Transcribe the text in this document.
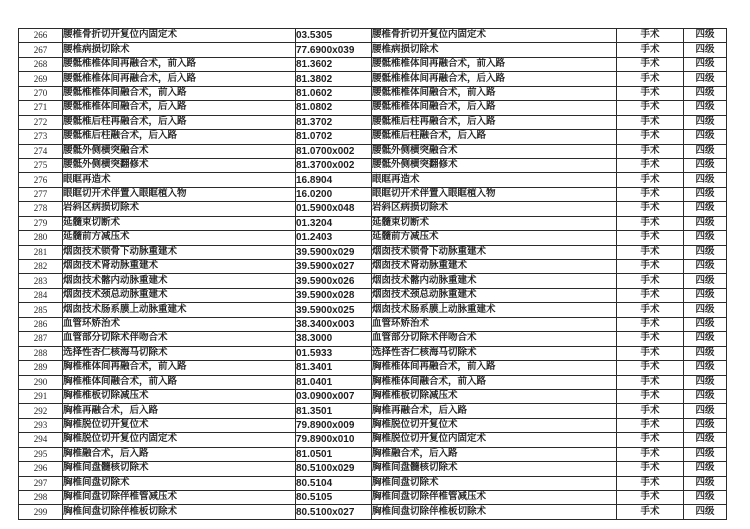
266	腰椎骨折切开复位内固定术	03.5305	腰椎骨折切开复位内固定术	手术	四级
267	腰椎病损切除术	77.6900x039	腰椎病损切除术	手术	四级
268	腰骶椎椎体间再融合术，前入路	81.3602	腰骶椎椎体间再融合术，前入路	手术	四级
269	腰骶椎椎体间再融合术，后入路	81.3802	腰骶椎椎体间再融合术，后入路	手术	四级
270	腰骶椎椎体间融合术，前入路	81.0602	腰骶椎椎体间融合术，前入路	手术	四级
271	腰骶椎椎体间融合术，后入路	81.0802	腰骶椎椎体间融合术，后入路	手术	四级
272	腰骶椎后柱再融合术，后入路	81.3702	腰骶椎后柱再融合术，后入路	手术	四级
273	腰骶椎后柱融合术，后入路	81.0702	腰骶椎后柱融合术，后入路	手术	四级
274	腰骶外侧横突融合术	81.0700x002	腰骶外侧横突融合术	手术	四级
275	腰骶外侧横突翻修术	81.3700x002	腰骶外侧横突翻修术	手术	四级
276	眼眶再造术	16.8904	眼眶再造术	手术	四级
277	眼眶切开术伴置入眼眶植入物	16.0200	眼眶切开术伴置入眼眶植入物	手术	四级
278	岩斜区病损切除术	01.5900x048	岩斜区病损切除术	手术	四级
279	延髓束切断术	01.3204	延髓束切断术	手术	四级
280	延髓前方减压术	01.2403	延髓前方减压术	手术	四级
281	烟囱技术锁骨下动脉重建术	39.5900x029	烟囱技术锁骨下动脉重建术	手术	四级
282	烟囱技术肾动脉重建术	39.5900x027	烟囱技术肾动脉重建术	手术	四级
283	烟囱技术髂内动脉重建术	39.5900x026	烟囱技术髂内动脉重建术	手术	四级
284	烟囱技术颈总动脉重建术	39.5900x028	烟囱技术颈总动脉重建术	手术	四级
285	烟囱技术肠系膜上动脉重建术	39.5900x025	烟囱技术肠系膜上动脉重建术	手术	四级
286	血管环矫治术	38.3400x003	血管环矫治术	手术	四级
287	血管部分切除术伴吻合术	38.3000	血管部分切除术伴吻合术	手术	四级
288	选择性杏仁核海马切除术	01.5933	选择性杏仁核海马切除术	手术	四级
289	胸椎椎体间再融合术，前入路	81.3401	胸椎椎体间再融合术，前入路	手术	四级
290	胸椎椎体间融合术，前入路	81.0401	胸椎椎体间融合术，前入路	手术	四级
291	胸椎椎板切除减压术	03.0900x007	胸椎椎板切除减压术	手术	四级
292	胸椎再融合术，后入路	81.3501	胸椎再融合术，后入路	手术	四级
293	胸椎脱位切开复位术	79.8900x009	胸椎脱位切开复位术	手术	四级
294	胸椎脱位切开复位内固定术	79.8900x010	胸椎脱位切开复位内固定术	手术	四级
295	胸椎融合术，后入路	81.0501	胸椎融合术，后入路	手术	四级
296	胸椎间盘髓核切除术	80.5100x029	胸椎间盘髓核切除术	手术	四级
297	胸椎间盘切除术	80.5104	胸椎间盘切除术	手术	四级
298	胸椎间盘切除伴椎管减压术	80.5105	胸椎间盘切除伴椎管减压术	手术	四级
299	胸椎间盘切除伴椎板切除术	80.5100x027	胸椎间盘切除伴椎板切除术	手术	四级
